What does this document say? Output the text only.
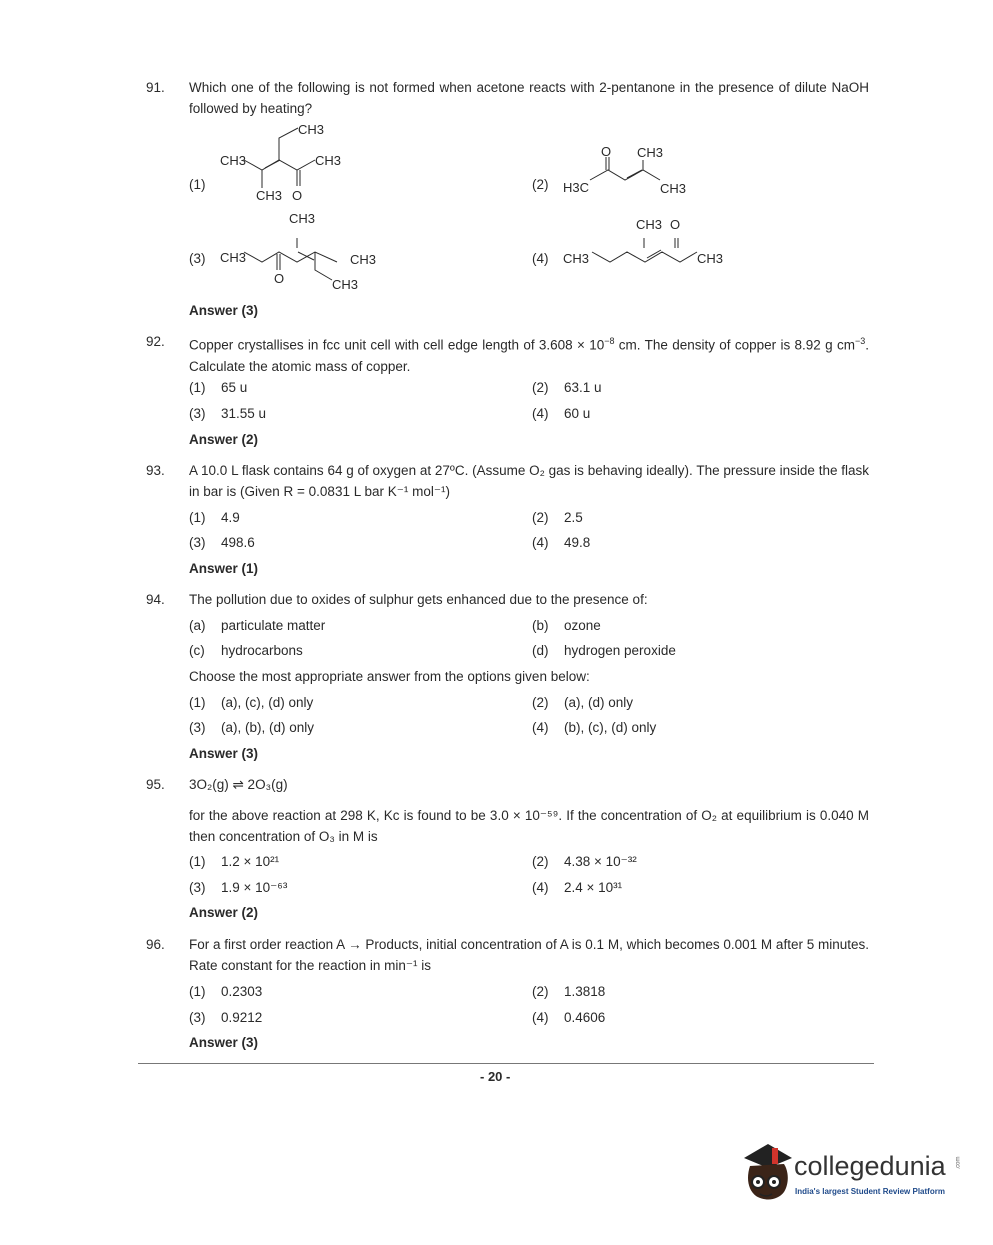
91. Which one of the following is not formed when acetone reacts with 2-pentanone in the presence of dilute NaOH followed by heating?
(1)	(2)
(3)	(4)
CH3
CH3
CH3
CH3 O
O CH3
H3C	CH3
CH3
CH3	CH3
CH3
O
CH3 O
CH3	CH3
Answer (3)
92. Copper crystallises in fcc unit cell with cell edge length of $3.608 \times 10^{-8}$ cm. The density of copper is 8.92 g $cm^{-3}$. Calculate the atomic mass of copper.
(1) 65 u	(2) 63.1 u
(3) 31.55 u	(4) 60 u
Answer (2)
93. A 10.0 L flask contains 64 g of oxygen at 27ºC. (Assume O₂ gas is behaving ideally). The pressure inside the flask in bar is (Given R = 0.0831 L bar K⁻¹ mol⁻¹)
(1) 4.9	(2) 2.5
(3) 498.6	(4) 49.8
Answer (1)
94. The pollution due to oxides of sulphur gets enhanced due to the presence of:
(a) particulate matter	(b) ozone
(c) hydrocarbons	(d) hydrogen peroxide
Choose the most appropriate answer from the options given below:
(1) (a), (c), (d) only	(2) (a), (d) only
(3) (a), (b), (d) only	(4) (b), (c), (d) only
Answer (3)
95. 3O₂(g) ⇌ 2O₃(g)
for the above reaction at 298 K, Kc is found to be 3.0 × 10⁻⁵⁹. If the concentration of O₂ at equilibrium is 0.040 M then concentration of O₃ in M is
(1) 1.2 × 10²¹	(2) 4.38 × 10⁻³²
(3) 1.9 × 10⁻⁶³	(4) 2.4 × 10³¹
Answer (2)
96. For a first order reaction A → Products, initial concentration of A is 0.1 M, which becomes 0.001 M after 5 minutes. Rate constant for the reaction in min⁻¹ is
(1) 0.2303	(2) 1.3818
(3) 0.9212	(4) 0.4606
Answer (3)
- 20 -
collegedunia .com
India's largest Student Review Platform
